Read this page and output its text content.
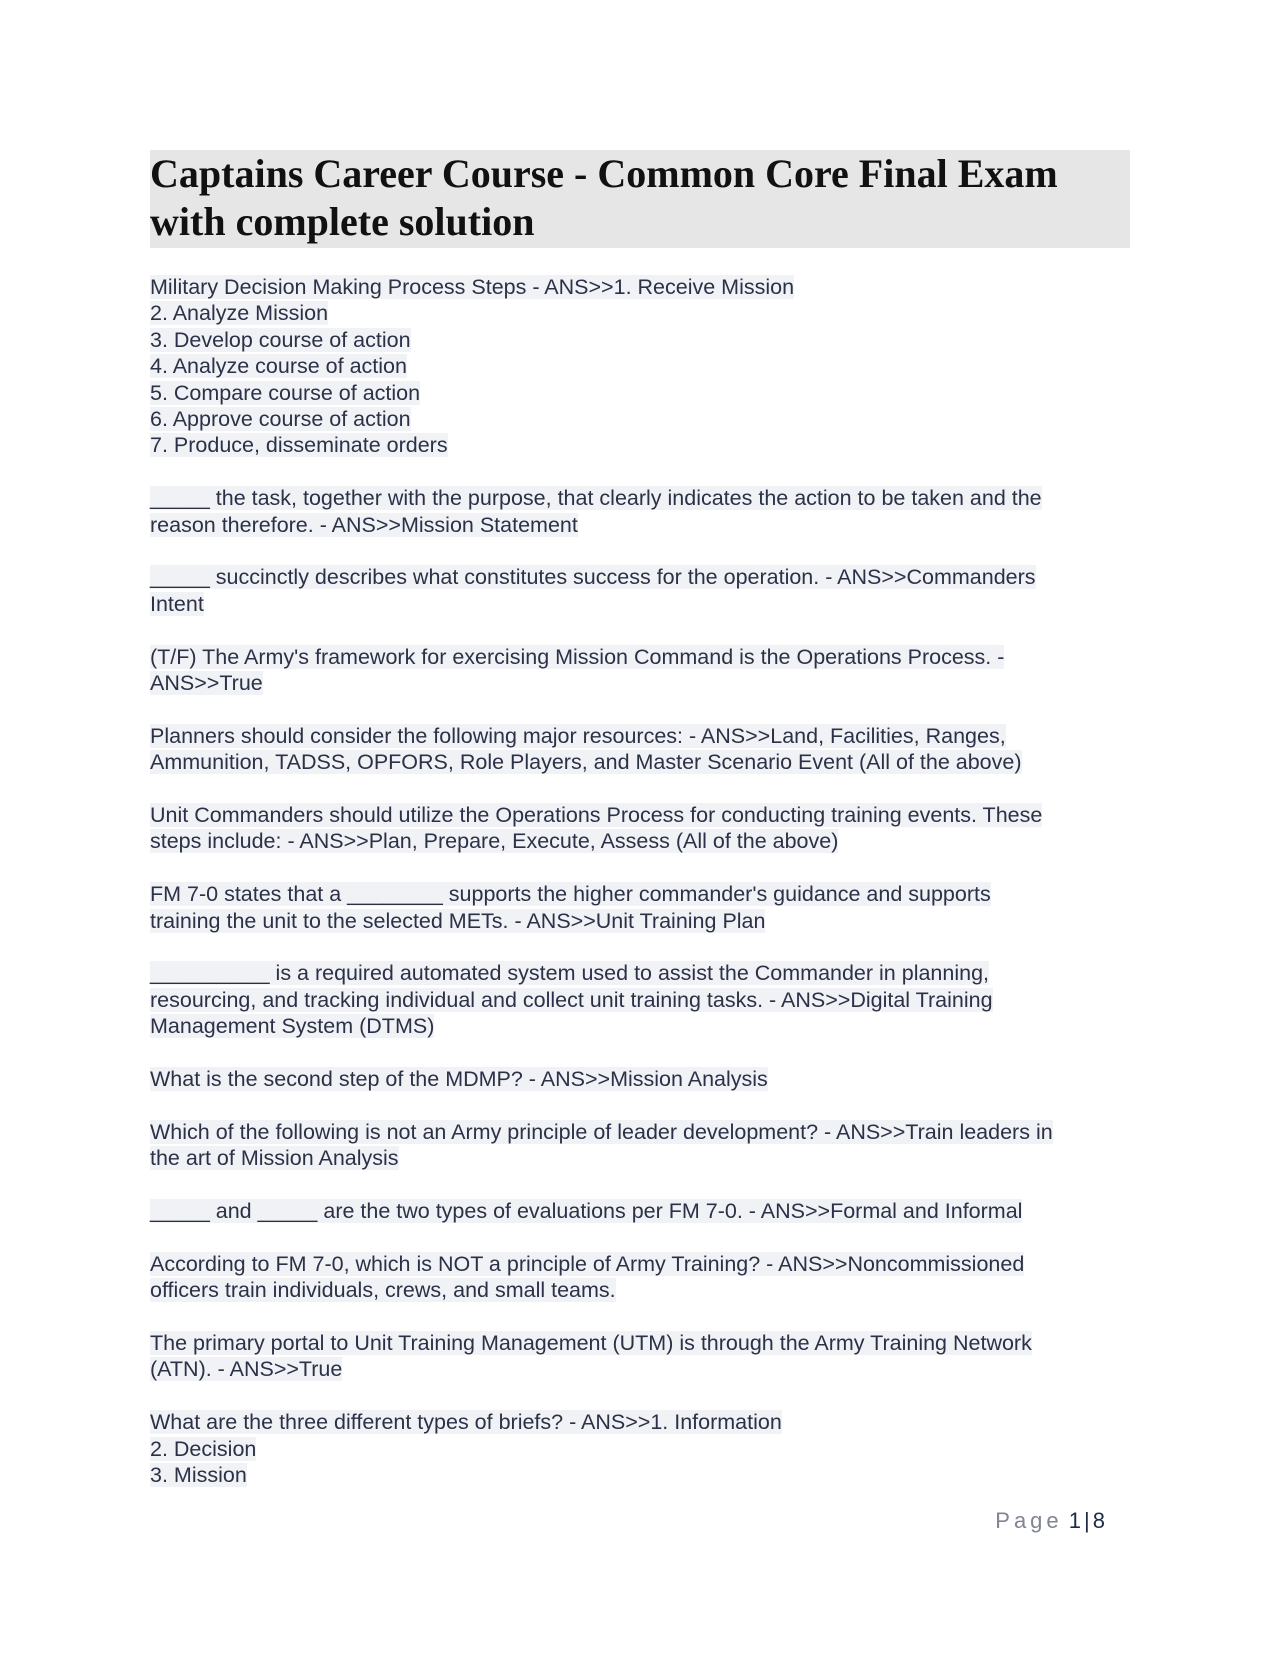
Captains Career Course - Common Core Final Exam with complete solution
Military Decision Making Process Steps - ANS>>1. Receive Mission
2. Analyze Mission
3. Develop course of action
4. Analyze course of action
5. Compare course of action
6. Approve course of action
7. Produce, disseminate orders
_____ the task, together with the purpose, that clearly indicates the action to be taken and the
reason therefore. - ANS>>Mission Statement
_____ succinctly describes what constitutes success for the operation. - ANS>>Commanders
Intent
(T/F) The Army's framework for exercising Mission Command is the Operations Process. -
ANS>>True
Planners should consider the following major resources: - ANS>>Land, Facilities, Ranges,
Ammunition, TADSS, OPFORS, Role Players, and Master Scenario Event (All of the above)
Unit Commanders should utilize the Operations Process for conducting training events. These
steps include: - ANS>>Plan, Prepare, Execute, Assess (All of the above)
FM 7-0 states that a ________ supports the higher commander's guidance and supports
training the unit to the selected METs. - ANS>>Unit Training Plan
__________ is a required automated system used to assist the Commander in planning,
resourcing, and tracking individual and collect unit training tasks. - ANS>>Digital Training
Management System (DTMS)
What is the second step of the MDMP? - ANS>>Mission Analysis
Which of the following is not an Army principle of leader development? - ANS>>Train leaders in
the art of Mission Analysis
_____ and _____ are the two types of evaluations per FM 7-0. - ANS>>Formal and Informal
According to FM 7-0, which is NOT a principle of Army Training? - ANS>>Noncommissioned
officers train individuals, crews, and small teams.
The primary portal to Unit Training Management (UTM) is through the Army Training Network
(ATN). - ANS>>True
What are the three different types of briefs? - ANS>>1. Information
2. Decision
3. Mission
Page 1 | 8
